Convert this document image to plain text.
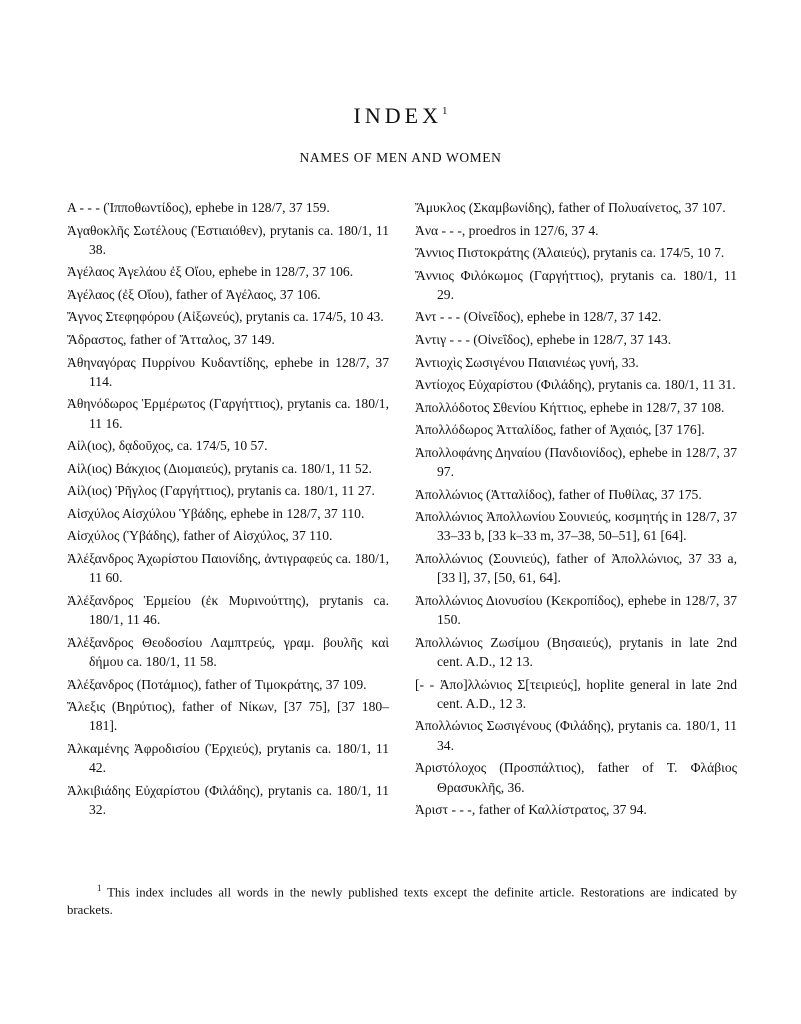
INDEX$^1$
NAMES OF MEN AND WOMEN

Α - - - (Ἱπποθωντίδος), ephebe in 128/7, 37 159.

Ἀγαθοκλῆς Σωτέλους (Ἑστιαιόθεν), prytanis ca. 180/1, 11 38.

Ἀγέλαος Ἀγελάου ἐξ Οἴου, ephebe in 128/7, 37 106.

Ἀγέλαος (ἐξ Οἴου), father of Ἀγέλαος, 37 106.

Ἄγνος Στεφηφόρου (Αἰξωνεύς), prytanis ca. 174/5, 10 43.

Ἄδραστος, father of Ἄτταλος, 37 149.

Ἀθηναγόρας Πυρρίνου Κυδαντίδης, ephebe in 128/7, 37 114.

Ἀθηνόδωρος Ἑρμέρωτος (Γαργήττιος), prytanis ca. 180/1, 11 16.

Αἰλ(ιος), δᾳδοῦχος, ca. 174/5, 10 57.

Αἰλ(ιος) Βάκχιος (Διομαιεύς), prytanis ca. 180/1, 11 52.

Αἰλ(ιος) Ῥῆγλος (Γαργήττιος), prytanis ca. 180/1, 11 27.

Αἰσχύλος Αἰσχύλου Ὑβάδης, ephebe in 128/7, 37 110.

Αἰσχύλος (Ὑβάδης), father of Αἰσχύλος, 37 110.

Ἀλέξανδρος Ἀχωρίστου Παιονίδης, ἀντιγραφεύς ca. 180/1, 11 60.

Ἀλέξανδρος Ἑρμείου (ἐκ Μυρινούττης), prytanis ca. 180/1, 11 46.

Ἀλέξανδρος Θεοδοσίου Λαμπτρεύς, γραμ. βουλῆς καὶ δήμου ca. 180/1, 11 58.

Ἀλέξανδρος (Ποτάμιος), father of Τιμοκράτης, 37 109.

Ἄλεξις (Βηρύτιος), father of Νίκων, [37 75], [37 180–181].

Ἀλκαμένης Ἀφροδισίου (Ἐρχιεύς), prytanis ca. 180/1, 11 42.

Ἀλκιβιάδης Εὐχαρίστου (Φιλάδης), prytanis ca. 180/1, 11 32.

Ἄμυκλος (Σκαμβωνίδης), father of Πολυαίνετος, 37 107.

Ἀνα - - -, proedros in 127/6, 37 4.

Ἄννιος Πιστοκράτης (Ἁλαιεύς), prytanis ca. 174/5, 10 7.

Ἄννιος Φιλόκωμος (Γαργήττιος), prytanis ca. 180/1, 11 29.

Ἀντ - - - (Οἰνεΐδος), ephebe in 128/7, 37 142.

Ἀντιγ - - - (Οἰνεΐδος), ephebe in 128/7, 37 143.

Ἀντιοχὶς Σωσιγένου Παιανιέως γυνή, 33.

Ἀντίοχος Εὐχαρίστου (Φιλάδης), prytanis ca. 180/1, 11 31.

Ἀπολλόδοτος Σθενίου Κήττιος, ephebe in 128/7, 37 108.

Ἀπολλόδωρος Ἀτταλίδος, father of Ἀχαιός, [37 176].

Ἀπολλοφάνης Δηναίου (Πανδιονίδος), ephebe in 128/7, 37 97.

Ἀπολλώνιος (Ἀτταλίδος), father of Πυθίλας, 37 175.

Ἀπολλώνιος Ἀπολλωνίου Σουνιεύς, κοσμητής in 128/7, 37 33–33 b, [33 k–33 m, 37–38, 50–51], 61 [64].

Ἀπολλώνιος (Σουνιεύς), father of Ἀπολλώνιος, 37 33 a, [33 l], 37, [50, 61, 64].

Ἀπολλώνιος Διονυσίου (Κεκροπίδος), ephebe in 128/7, 37 150.

Ἀπολλώνιος Ζωσίμου (Βησαιεύς), prytanis in late 2nd cent. A.D., 12 13.

[- - Ἀπο]λλώνιος Σ[τειριεύς], hoplite general in late 2nd cent. A.D., 12 3.

Ἀπολλώνιος Σωσιγένους (Φιλάδης), prytanis ca. 180/1, 11 34.

Ἀριστόλοχος (Προσπάλτιος), father of Τ. Φλάβιος Θρασυκλῆς, 36.

Ἀριστ - - -, father of Καλλίστρατος, 37 94.

$^1$ This index includes all words in the newly published texts except the definite article. Restorations are indicated by brackets.
